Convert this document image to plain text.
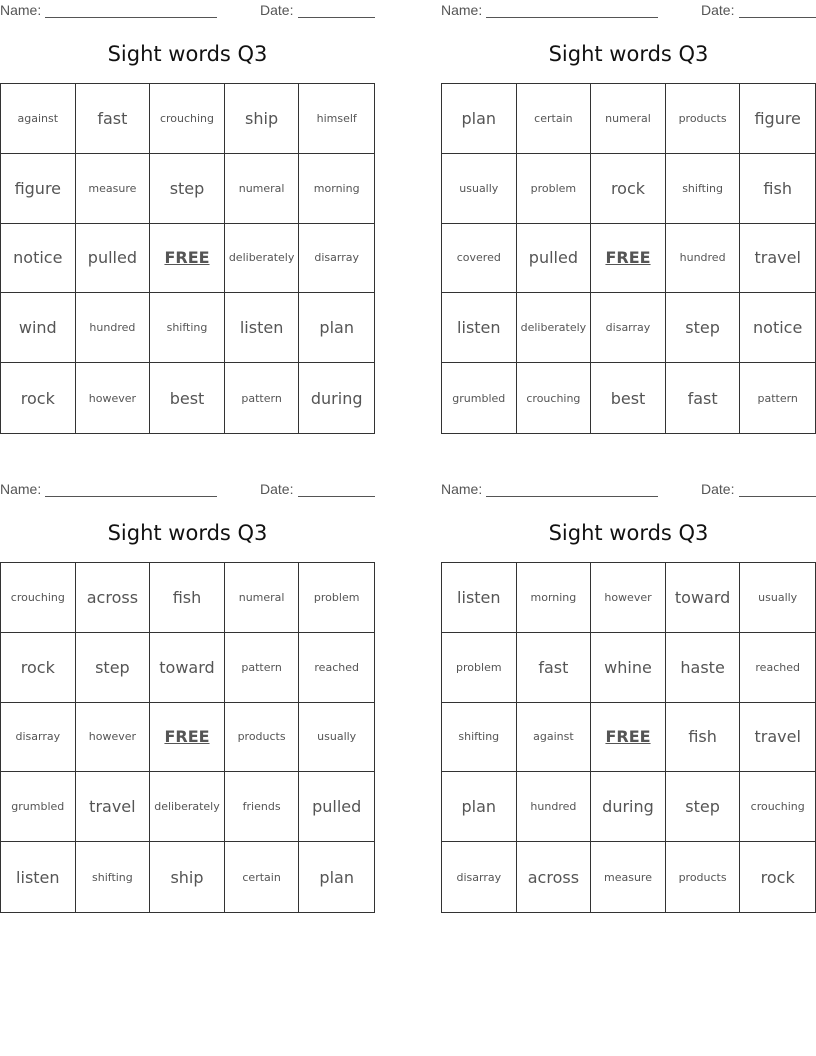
Name:	Date:
Sight words Q3
against	fast	crouching	ship	himself
figure	measure	step	numeral	morning
notice	pulled	FREE	deliberately	disarray
wind	hundred	shifting	listen	plan
rock	however	best	pattern	during
Name:	Date:
Sight words Q3
plan	certain	numeral	products	figure
usually	problem	rock	shifting	fish
covered	pulled	FREE	hundred	travel
listen	deliberately	disarray	step	notice
grumbled	crouching	best	fast	pattern
Name:	Date:
Sight words Q3
crouching	across	fish	numeral	problem
rock	step	toward	pattern	reached
disarray	however	FREE	products	usually
grumbled	travel	deliberately	friends	pulled
listen	shifting	ship	certain	plan
Name:	Date:
Sight words Q3
listen	morning	however	toward	usually
problem	fast	whine	haste	reached
shifting	against	FREE	fish	travel
plan	hundred	during	step	crouching
disarray	across	measure	products	rock
